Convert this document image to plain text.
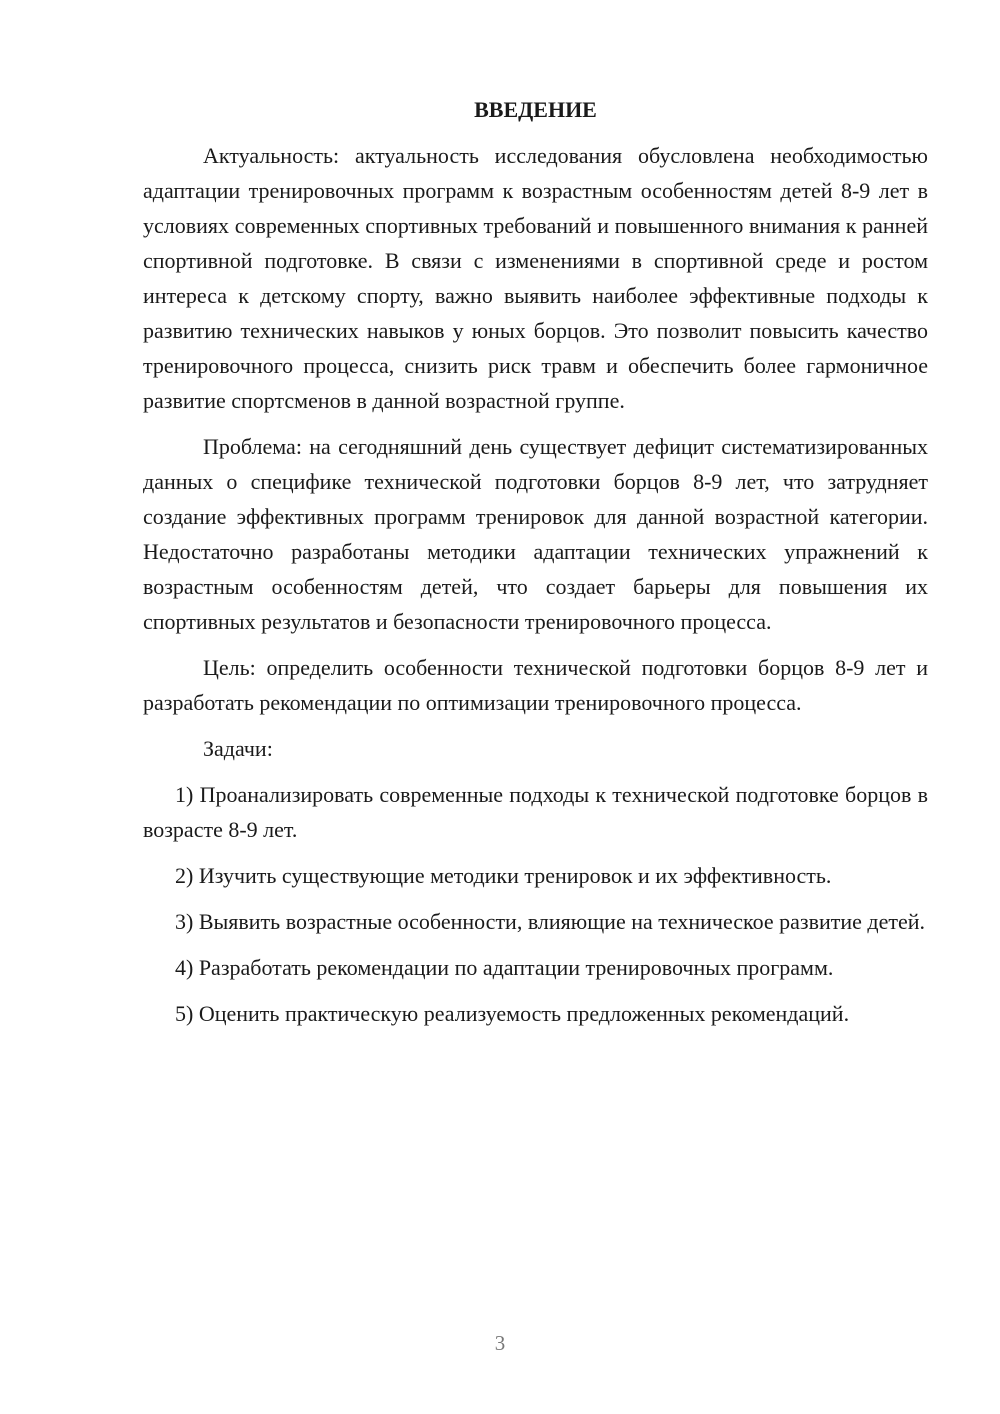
ВВЕДЕНИЕ

Актуальность: актуальность исследования обусловлена необходимостью адаптации тренировочных программ к возрастным особенностям детей 8-9 лет в условиях современных спортивных требований и повышенного внимания к ранней спортивной подготовке. В связи с изменениями в спортивной среде и ростом интереса к детскому спорту, важно выявить наиболее эффективные подходы к развитию технических навыков у юных борцов. Это позволит повысить качество тренировочного процесса, снизить риск травм и обеспечить более гармоничное развитие спортсменов в данной возрастной группе.

Проблема: на сегодняшний день существует дефицит систематизированных данных о специфике технической подготовки борцов 8-9 лет, что затрудняет создание эффективных программ тренировок для данной возрастной категории. Недостаточно разработаны методики адаптации технических упражнений к возрастным особенностям детей, что создает барьеры для повышения их спортивных результатов и безопасности тренировочного процесса.

Цель: определить особенности технической подготовки борцов 8-9 лет и разработать рекомендации по оптимизации тренировочного процесса.

Задачи:

1) Проанализировать современные подходы к технической подготовке борцов в возрасте 8-9 лет.

2) Изучить существующие методики тренировок и их эффективность.

3) Выявить возрастные особенности, влияющие на техническое развитие детей.

4) Разработать рекомендации по адаптации тренировочных программ.

5) Оценить практическую реализуемость предложенных рекомендаций.

3
